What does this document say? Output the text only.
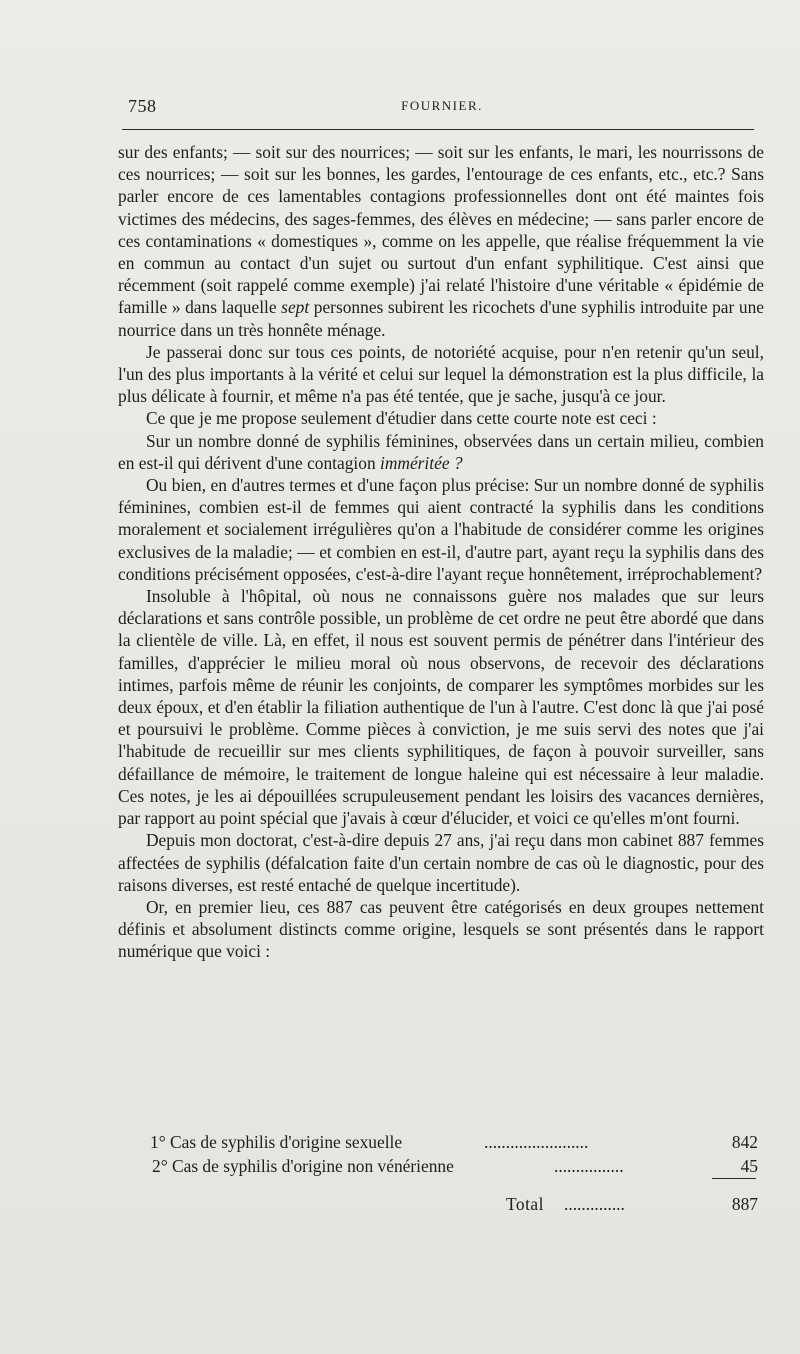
758	FOURNIER.

sur des enfants; — soit sur des nourrices; — soit sur les enfants, le mari, les nourrissons de ces nourrices; — soit sur les bonnes, les gardes, l'entourage de ces enfants, etc., etc.? Sans parler encore de ces lamentables contagions professionnelles dont ont été maintes fois victimes des médecins, des sages-femmes, des élèves en médecine; — sans parler encore de ces contaminations « domestiques », comme on les appelle, que réalise fréquemment la vie en commun au contact d'un sujet ou surtout d'un enfant syphilitique. C'est ainsi que récemment (soit rappelé comme exemple) j'ai relaté l'histoire d'une véritable « épidémie de famille » dans laquelle sept personnes subirent les ricochets d'une syphilis introduite par une nourrice dans un très honnête ménage.

Je passerai donc sur tous ces points, de notoriété acquise, pour n'en retenir qu'un seul, l'un des plus importants à la vérité et celui sur lequel la démonstration est la plus difficile, la plus délicate à fournir, et même n'a pas été tentée, que je sache, jusqu'à ce jour.

Ce que je me propose seulement d'étudier dans cette courte note est ceci :

Sur un nombre donné de syphilis féminines, observées dans un certain milieu, combien en est-il qui dérivent d'une contagion imméritée ?

Ou bien, en d'autres termes et d'une façon plus précise: Sur un nombre donné de syphilis féminines, combien est-il de femmes qui aient contracté la syphilis dans les conditions moralement et socialement irrégulières qu'on a l'habitude de considérer comme les origines exclusives de la maladie; — et combien en est-il, d'autre part, ayant reçu la syphilis dans des conditions précisément opposées, c'est-à-dire l'ayant reçue honnêtement, irréprochablement?

Insoluble à l'hôpital, où nous ne connaissons guère nos malades que sur leurs déclarations et sans contrôle possible, un problème de cet ordre ne peut être abordé que dans la clientèle de ville. Là, en effet, il nous est souvent permis de pénétrer dans l'intérieur des familles, d'apprécier le milieu moral où nous observons, de recevoir des déclarations intimes, parfois même de réunir les conjoints, de comparer les symptômes morbides sur les deux époux, et d'en établir la filiation authentique de l'un à l'autre. C'est donc là que j'ai posé et poursuivi le problème. Comme pièces à conviction, je me suis servi des notes que j'ai l'habitude de recueillir sur mes clients syphilitiques, de façon à pouvoir surveiller, sans défaillance de mémoire, le traitement de longue haleine qui est nécessaire à leur maladie. Ces notes, je les ai dépouillées scrupuleusement pendant les loisirs des vacances dernières, par rapport au point spécial que j'avais à cœur d'élucider, et voici ce qu'elles m'ont fourni.

Depuis mon doctorat, c'est-à-dire depuis 27 ans, j'ai reçu dans mon cabinet 887 femmes affectées de syphilis (défalcation faite d'un certain nombre de cas où le diagnostic, pour des raisons diverses, est resté entaché de quelque incertitude).

Or, en premier lieu, ces 887 cas peuvent être catégorisés en deux groupes nettement définis et absolument distincts comme origine, lesquels se sont présentés dans le rapport numérique que voici :

1° Cas de syphilis d'origine sexuelle	........................	842
2° Cas de syphilis d'origine non vénérienne	................	45
Total ..............	887
